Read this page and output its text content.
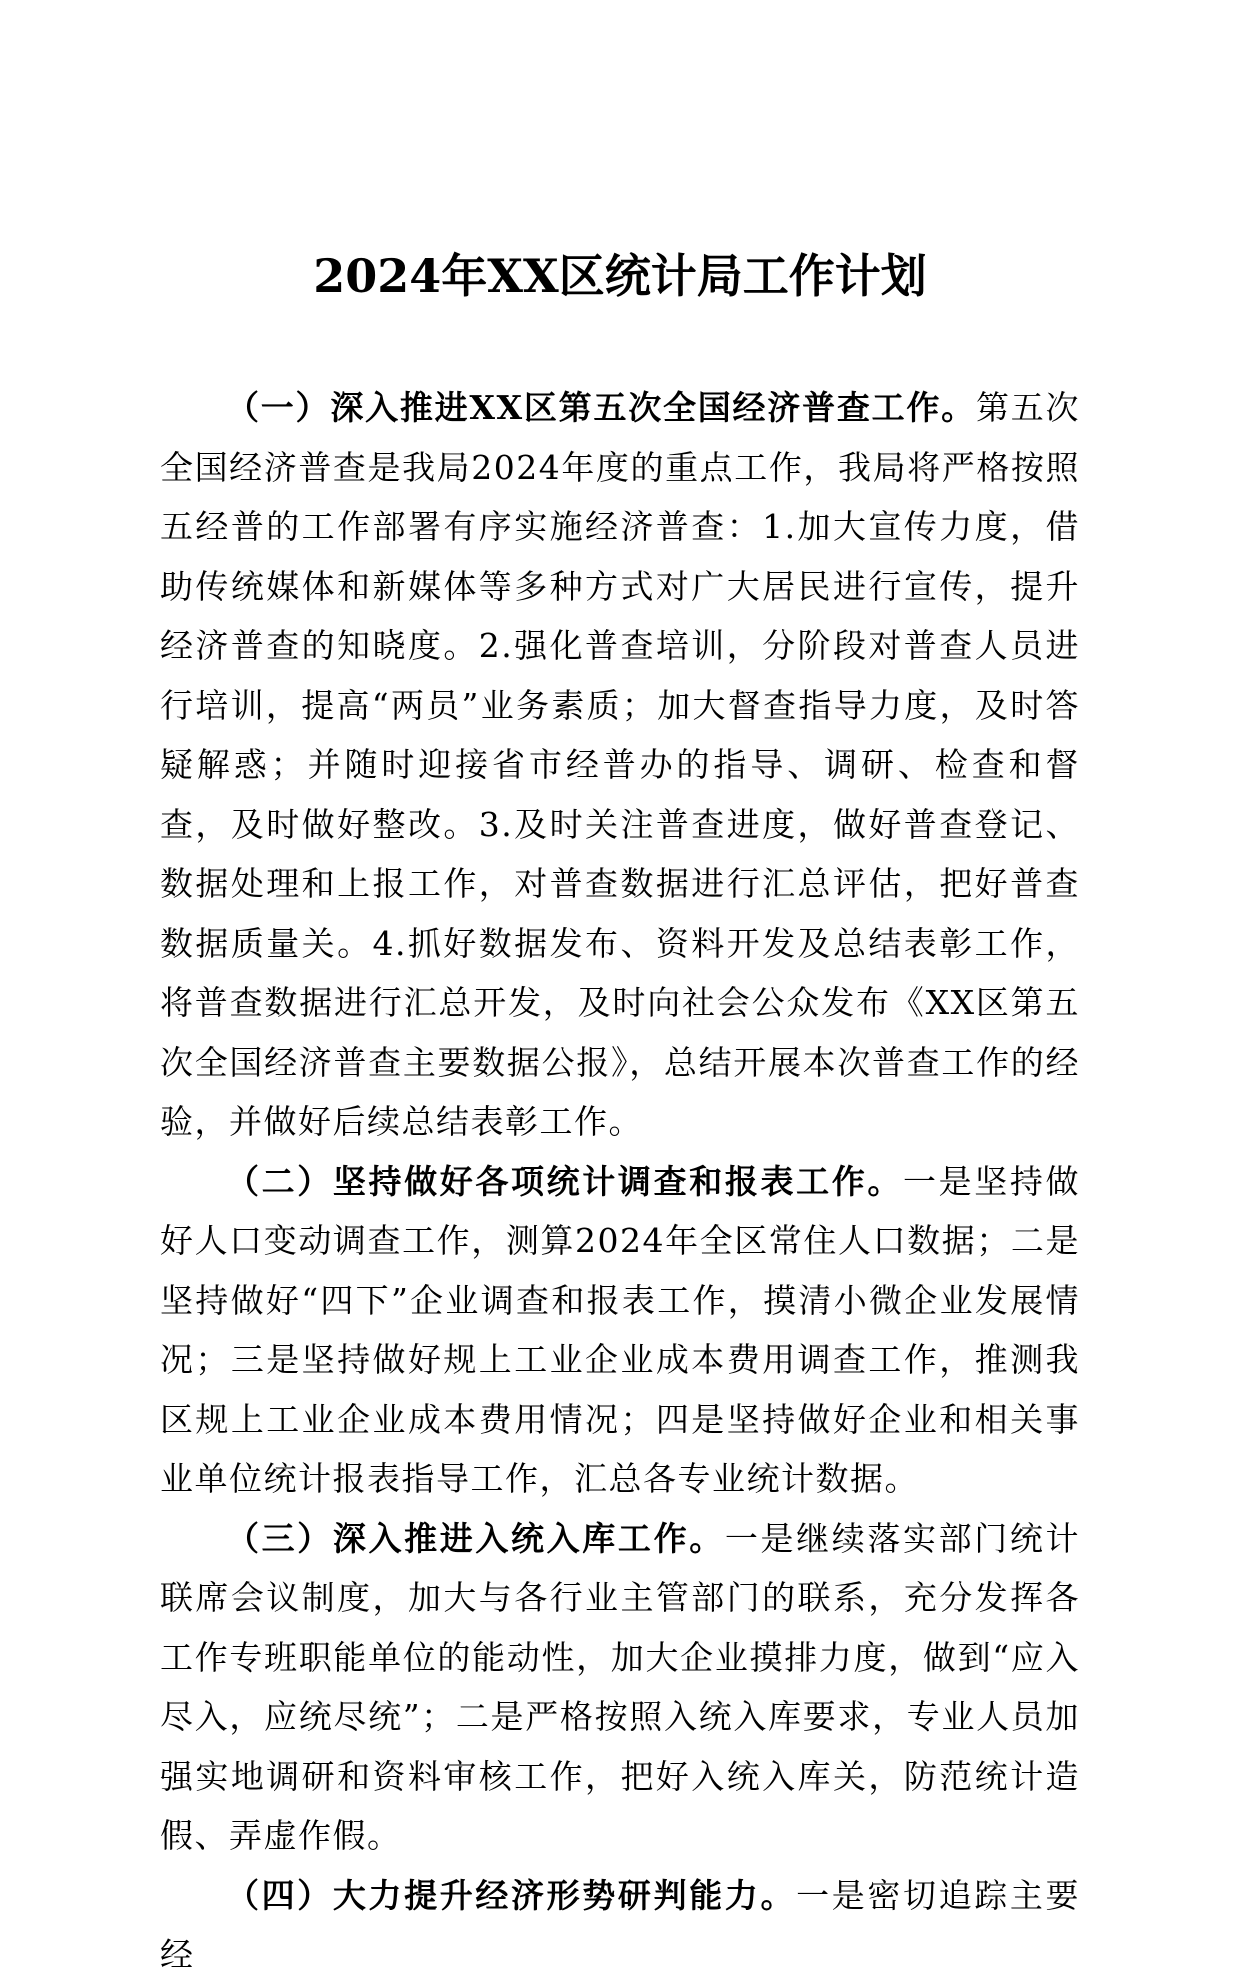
2024年XX区统计局工作计划

（一）深入推进XX区第五次全国经济普查工作。第五次全国经济普查是我局2024年度的重点工作，我局将严格按照五经普的工作部署有序实施经济普查：1.加大宣传力度，借助传统媒体和新媒体等多种方式对广大居民进行宣传，提升经济普查的知晓度。2.强化普查培训，分阶段对普查人员进行培训，提高“两员”业务素质；加大督查指导力度，及时答疑解惑；并随时迎接省市经普办的指导、调研、检查和督查，及时做好整改。3.及时关注普查进度，做好普查登记、数据处理和上报工作，对普查数据进行汇总评估，把好普查数据质量关。4.抓好数据发布、资料开发及总结表彰工作，将普查数据进行汇总开发，及时向社会公众发布《XX区第五次全国经济普查主要数据公报》，总结开展本次普查工作的经验，并做好后续总结表彰工作。

（二）坚持做好各项统计调查和报表工作。一是坚持做好人口变动调查工作，测算2024年全区常住人口数据；二是坚持做好“四下”企业调查和报表工作，摸清小微企业发展情况；三是坚持做好规上工业企业成本费用调查工作，推测我区规上工业企业成本费用情况；四是坚持做好企业和相关事业单位统计报表指导工作，汇总各专业统计数据。

（三）深入推进入统入库工作。一是继续落实部门统计联席会议制度，加大与各行业主管部门的联系，充分发挥各工作专班职能单位的能动性，加大企业摸排力度，做到“应入尽入，应统尽统”；二是严格按照入统入库要求，专业人员加强实地调研和资料审核工作，把好入统入库关，防范统计造假、弄虚作假。

（四）大力提升经济形势研判能力。一是密切追踪主要经
